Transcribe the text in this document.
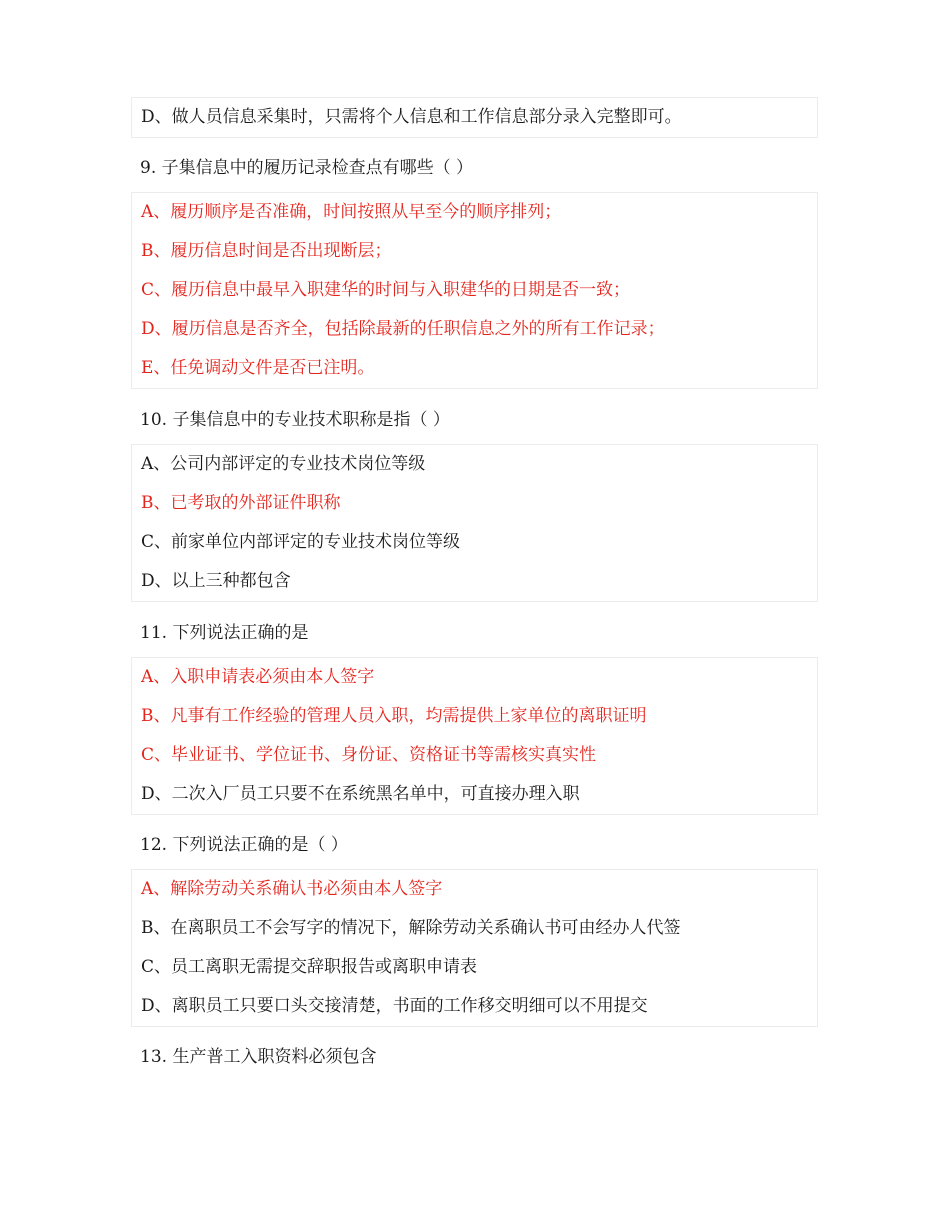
D、做人员信息采集时，只需将个人信息和工作信息部分录入完整即可。
9. 子集信息中的履历记录检查点有哪些（ ）
A、履历顺序是否准确，时间按照从早至今的顺序排列；
B、履历信息时间是否出现断层；
C、履历信息中最早入职建华的时间与入职建华的日期是否一致；
D、履历信息是否齐全，包括除最新的任职信息之外的所有工作记录；
E、任免调动文件是否已注明。
10. 子集信息中的专业技术职称是指（ ）
A、公司内部评定的专业技术岗位等级
B、已考取的外部证件职称
C、前家单位内部评定的专业技术岗位等级
D、以上三种都包含
11. 下列说法正确的是
A、入职申请表必须由本人签字
B、凡事有工作经验的管理人员入职，均需提供上家单位的离职证明
C、毕业证书、学位证书、身份证、资格证书等需核实真实性
D、二次入厂员工只要不在系统黑名单中，可直接办理入职
12. 下列说法正确的是（ ）
A、解除劳动关系确认书必须由本人签字
B、在离职员工不会写字的情况下，解除劳动关系确认书可由经办人代签
C、员工离职无需提交辞职报告或离职申请表
D、离职员工只要口头交接清楚，书面的工作移交明细可以不用提交
13. 生产普工入职资料必须包含
